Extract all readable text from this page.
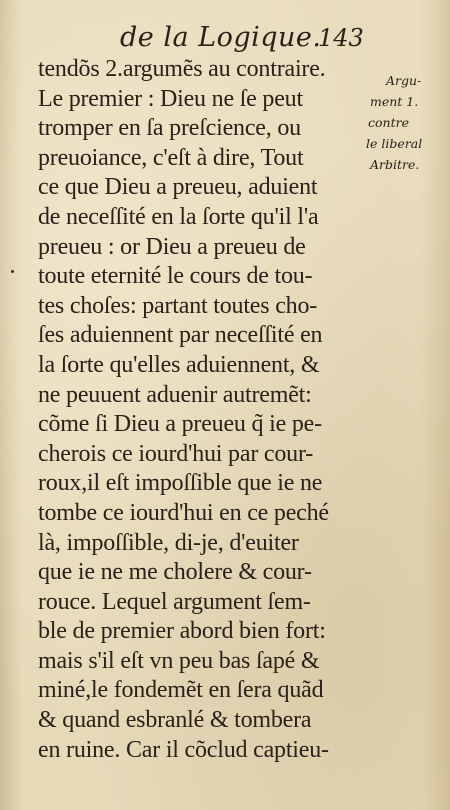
de la Logique.
143
Argu-
ment 1.
contre
le liberal
Arbitre.
tendõs 2.argumẽs au contraire.
Le premier : Dieu ne ſe peut
tromper en ſa preſcience, ou
preuoiance, c'eſt à dire, Tout
ce que Dieu a preueu, aduient
de neceſſité en la ſorte qu'il l'a
preueu : or Dieu a preueu de
toute eternité le cours de tou-
tes choſes: partant toutes cho-
ſes aduiennent par neceſſité en
la ſorte qu'elles aduiennent, &
ne peuuent aduenir autremẽt:
cõme ſi Dieu a preueu q̃ ie pe-
cherois ce iourd'hui par cour-
roux,il eſt impoſſible que ie ne
tombe ce iourd'hui en ce peché
là, impoſſible, di-je, d'euiter
que ie ne me cholere & cour-
rouce. Lequel argument ſem-
ble de premier abord bien fort:
mais s'il eſt vn peu bas ſapé &
miné,le fondemẽt en ſera quãd
& quand esbranlé & tombera
en ruine. Car il cõclud captieu-
